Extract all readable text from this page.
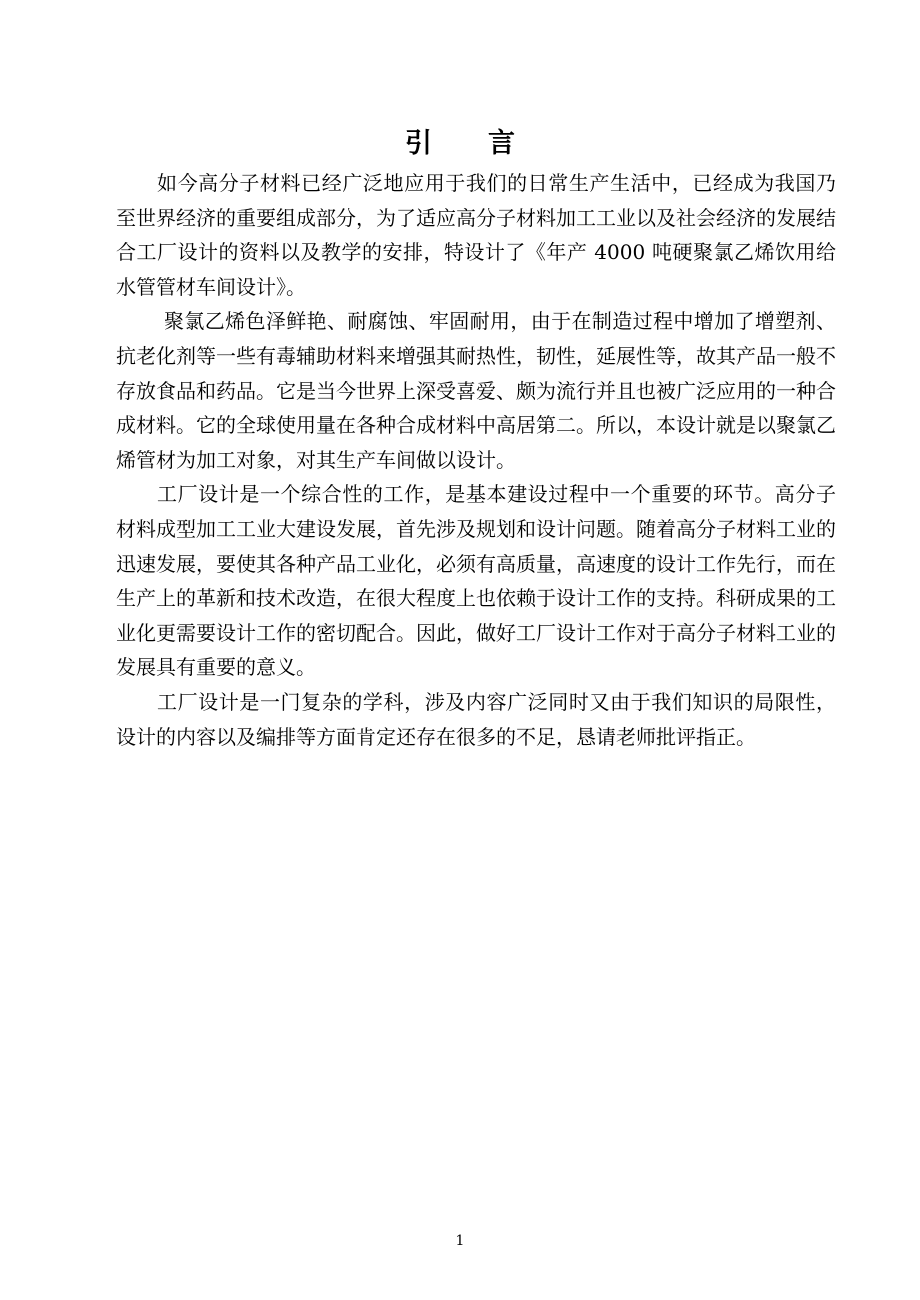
引言

如今高分子材料已经广泛地应用于我们的日常生产生活中，已经成为我国乃至世界经济的重要组成部分，为了适应高分子材料加工工业以及社会经济的发展结合工厂设计的资料以及教学的安排，特设计了《年产 4000 吨硬聚氯乙烯饮用给水管管材车间设计》。

聚氯乙烯色泽鲜艳、耐腐蚀、牢固耐用，由于在制造过程中增加了增塑剂、抗老化剂等一些有毒辅助材料来增强其耐热性，韧性，延展性等，故其产品一般不存放食品和药品。它是当今世界上深受喜爱、颇为流行并且也被广泛应用的一种合成材料。它的全球使用量在各种合成材料中高居第二。所以，本设计就是以聚氯乙烯管材为加工对象，对其生产车间做以设计。

工厂设计是一个综合性的工作，是基本建设过程中一个重要的环节。高分子材料成型加工工业大建设发展，首先涉及规划和设计问题。随着高分子材料工业的迅速发展，要使其各种产品工业化，必须有高质量，高速度的设计工作先行，而在生产上的革新和技术改造，在很大程度上也依赖于设计工作的支持。科研成果的工业化更需要设计工作的密切配合。因此，做好工厂设计工作对于高分子材料工业的发展具有重要的意义。

工厂设计是一门复杂的学科，涉及内容广泛同时又由于我们知识的局限性，设计的内容以及编排等方面肯定还存在很多的不足，恳请老师批评指正。

1
